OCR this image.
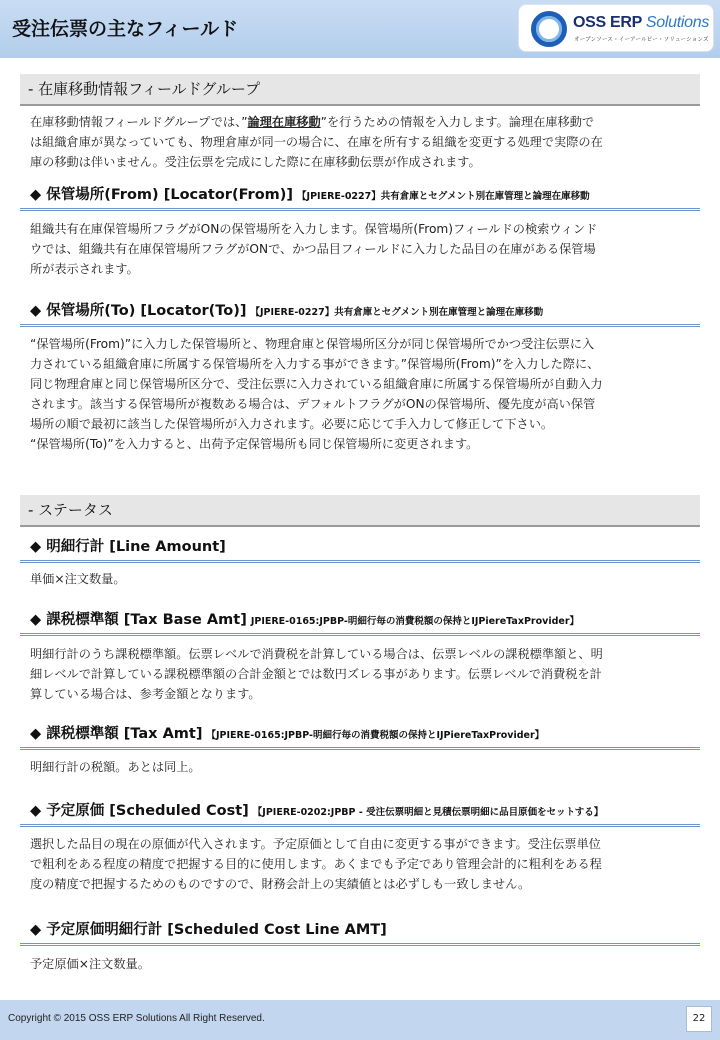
受注伝票の主なフィールド	OSS ERP Solutions
オープンソース・イーアールピー・ソリューションズ
- 在庫移動情報フィールドグループ
在庫移動情報フィールドグループでは、”論理在庫移動”を行うための情報を入力します。論理在庫移動で
は組織倉庫が異なっていても、物理倉庫が同一の場合に、在庫を所有する組織を変更する処理で実際の在
庫の移動は伴いません。受注伝票を完成にした際に在庫移動伝票が作成されます。
◆ 保管場所(From) [Locator(From)] 【JPIERE-0227】共有倉庫とセグメント別在庫管理と論理在庫移動
組織共有在庫保管場所フラグがONの保管場所を入力します。保管場所(From)フィールドの検索ウィンド
ウでは、組織共有在庫保管場所フラグがONで、かつ品目フィールドに入力した品目の在庫がある保管場
所が表示されます。
◆ 保管場所(To) [Locator(To)] 【JPIERE-0227】共有倉庫とセグメント別在庫管理と論理在庫移動
“保管場所(From)”に入力した保管場所と、物理倉庫と保管場所区分が同じ保管場所でかつ受注伝票に入
力されている組織倉庫に所属する保管場所を入力する事ができます。”保管場所(From)”を入力した際に、
同じ物理倉庫と同じ保管場所区分で、受注伝票に入力されている組織倉庫に所属する保管場所が自動入力
されます。該当する保管場所が複数ある場合は、デフォルトフラグがONの保管場所、優先度が高い保管
場所の順で最初に該当した保管場所が入力されます。必要に応じて手入力して修正して下さい。
“保管場所(To)”を入力すると、出荷予定保管場所も同じ保管場所に変更されます。
- ステータス
◆ 明細行計 [Line Amount]
単価×注文数量。
◆ 課税標準額 [Tax Base Amt] JPIERE-0165:JPBP-明細行毎の消費税額の保持とIJPiereTaxProvider】
明細行計のうち課税標準額。伝票レベルで消費税を計算している場合は、伝票レベルの課税標準額と、明
細レベルで計算している課税標準額の合計金額とでは数円ズレる事があります。伝票レベルで消費税を計
算している場合は、参考金額となります。
◆ 課税標準額 [Tax Amt] 【JPIERE-0165:JPBP-明細行毎の消費税額の保持とIJPiereTaxProvider】
明細行計の税額。あとは同上。
◆ 予定原価 [Scheduled Cost] 【JPIERE-0202:JPBP - 受注伝票明細と見積伝票明細に品目原価をセットする】
選択した品目の現在の原価が代入されます。予定原価として自由に変更する事ができます。受注伝票単位
で粗利をある程度の精度で把握する目的に使用します。あくまでも予定であり管理会計的に粗利をある程
度の精度で把握するためのものですので、財務会計上の実績値とは必ずしも一致しません。
◆ 予定原価明細行計 [Scheduled Cost Line AMT]
予定原価×注文数量。
Copyright © 2015 OSS ERP Solutions All Right Reserved.	22
